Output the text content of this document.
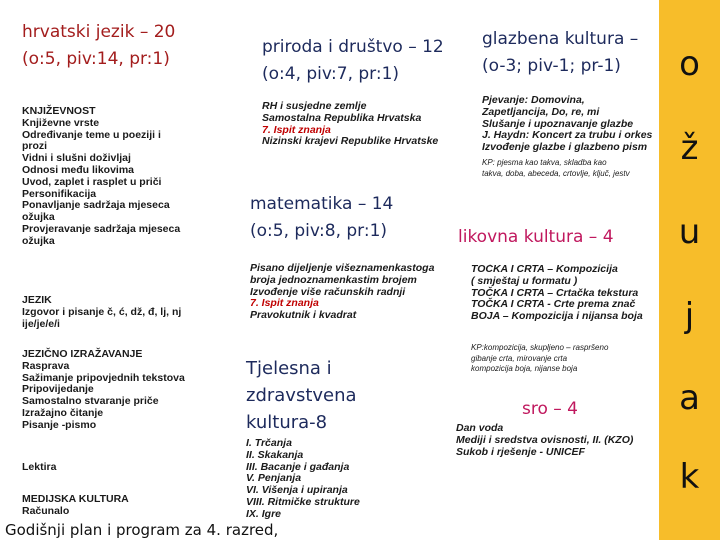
hrvatski jezik – 20
(o:5, piv:14, pr:1)
KNJIŽEVNOST
Književne vrste
Određivanje teme u poeziji i
prozi
Vidni i slušni doživljaj
Odnosi među likovima
Uvod, zaplet i rasplet u priči
Personifikacija
Ponavljanje sadržaja mjeseca
ožujka
Provjeravanje sadržaja mjeseca
ožujka
JEZIK
Izgovor i pisanje č, ć, dž, đ, lj, nj
ije/je/e/i
JEZIČNO IZRAŽAVANJE
Rasprava
Sažimanje pripovjednih tekstova
Pripovijedanje
Samostalno stvaranje priče
Izražajno čitanje
Pisanje -pismo
Lektira
MEDIJSKA KULTURA
Računalo
priroda i društvo – 12
(o:4, piv:7, pr:1)
RH i susjedne zemlje
Samostalna Republika Hrvatska
7. Ispit znanja
Nizinski krajevi Republike Hrvatske
glazbena kultura –
(o-3; piv-1; pr-1)
Pjevanje: Domovina,
Zapetljancija, Do, re, mi
Slušanje i upoznavanje glazbe
J. Haydn: Koncert za trubu i orkes
Izvođenje glazbe i glazbeno pism
KP: pjesma kao takva, skladba kao
takva, doba, abeceda, crtovlje, ključ, jestv
matematika – 14
(o:5, piv:8, pr:1)
Pisano dijeljenje višeznamenkastoga
broja jednoznamenkastim brojem
Izvođenje više računskih radnji
7. Ispit znanja
Pravokutnik i kvadrat
likovna kultura – 4
TOČKA I CRTA – Kompozicija
( smještaj u formatu )
TOČKA I CRTA – Crtačka tekstura
TOČKA I CRTA - Crte prema znač
BOJA – Kompozicija i nijansa boja
KP:kompozicija, skupljeno – raspršeno
gibanje crta, mirovanje crta
kompozicija boja, nijanse boja
Tjelesna i
zdravstvena
kultura-8
I. Trčanja
II. Skakanja
III. Bacanje i gađanja
V. Penjanja
VI. Višenja i upiranja
VIII. Ritmičke strukture
IX. Igre
sro – 4
Dan voda
Mediji i sredstva ovisnosti, II. (KZO)
Sukob i rješenje - UNICEF
o
ž
u
j
a
k
Godišnji plan i program za 4. razred,
